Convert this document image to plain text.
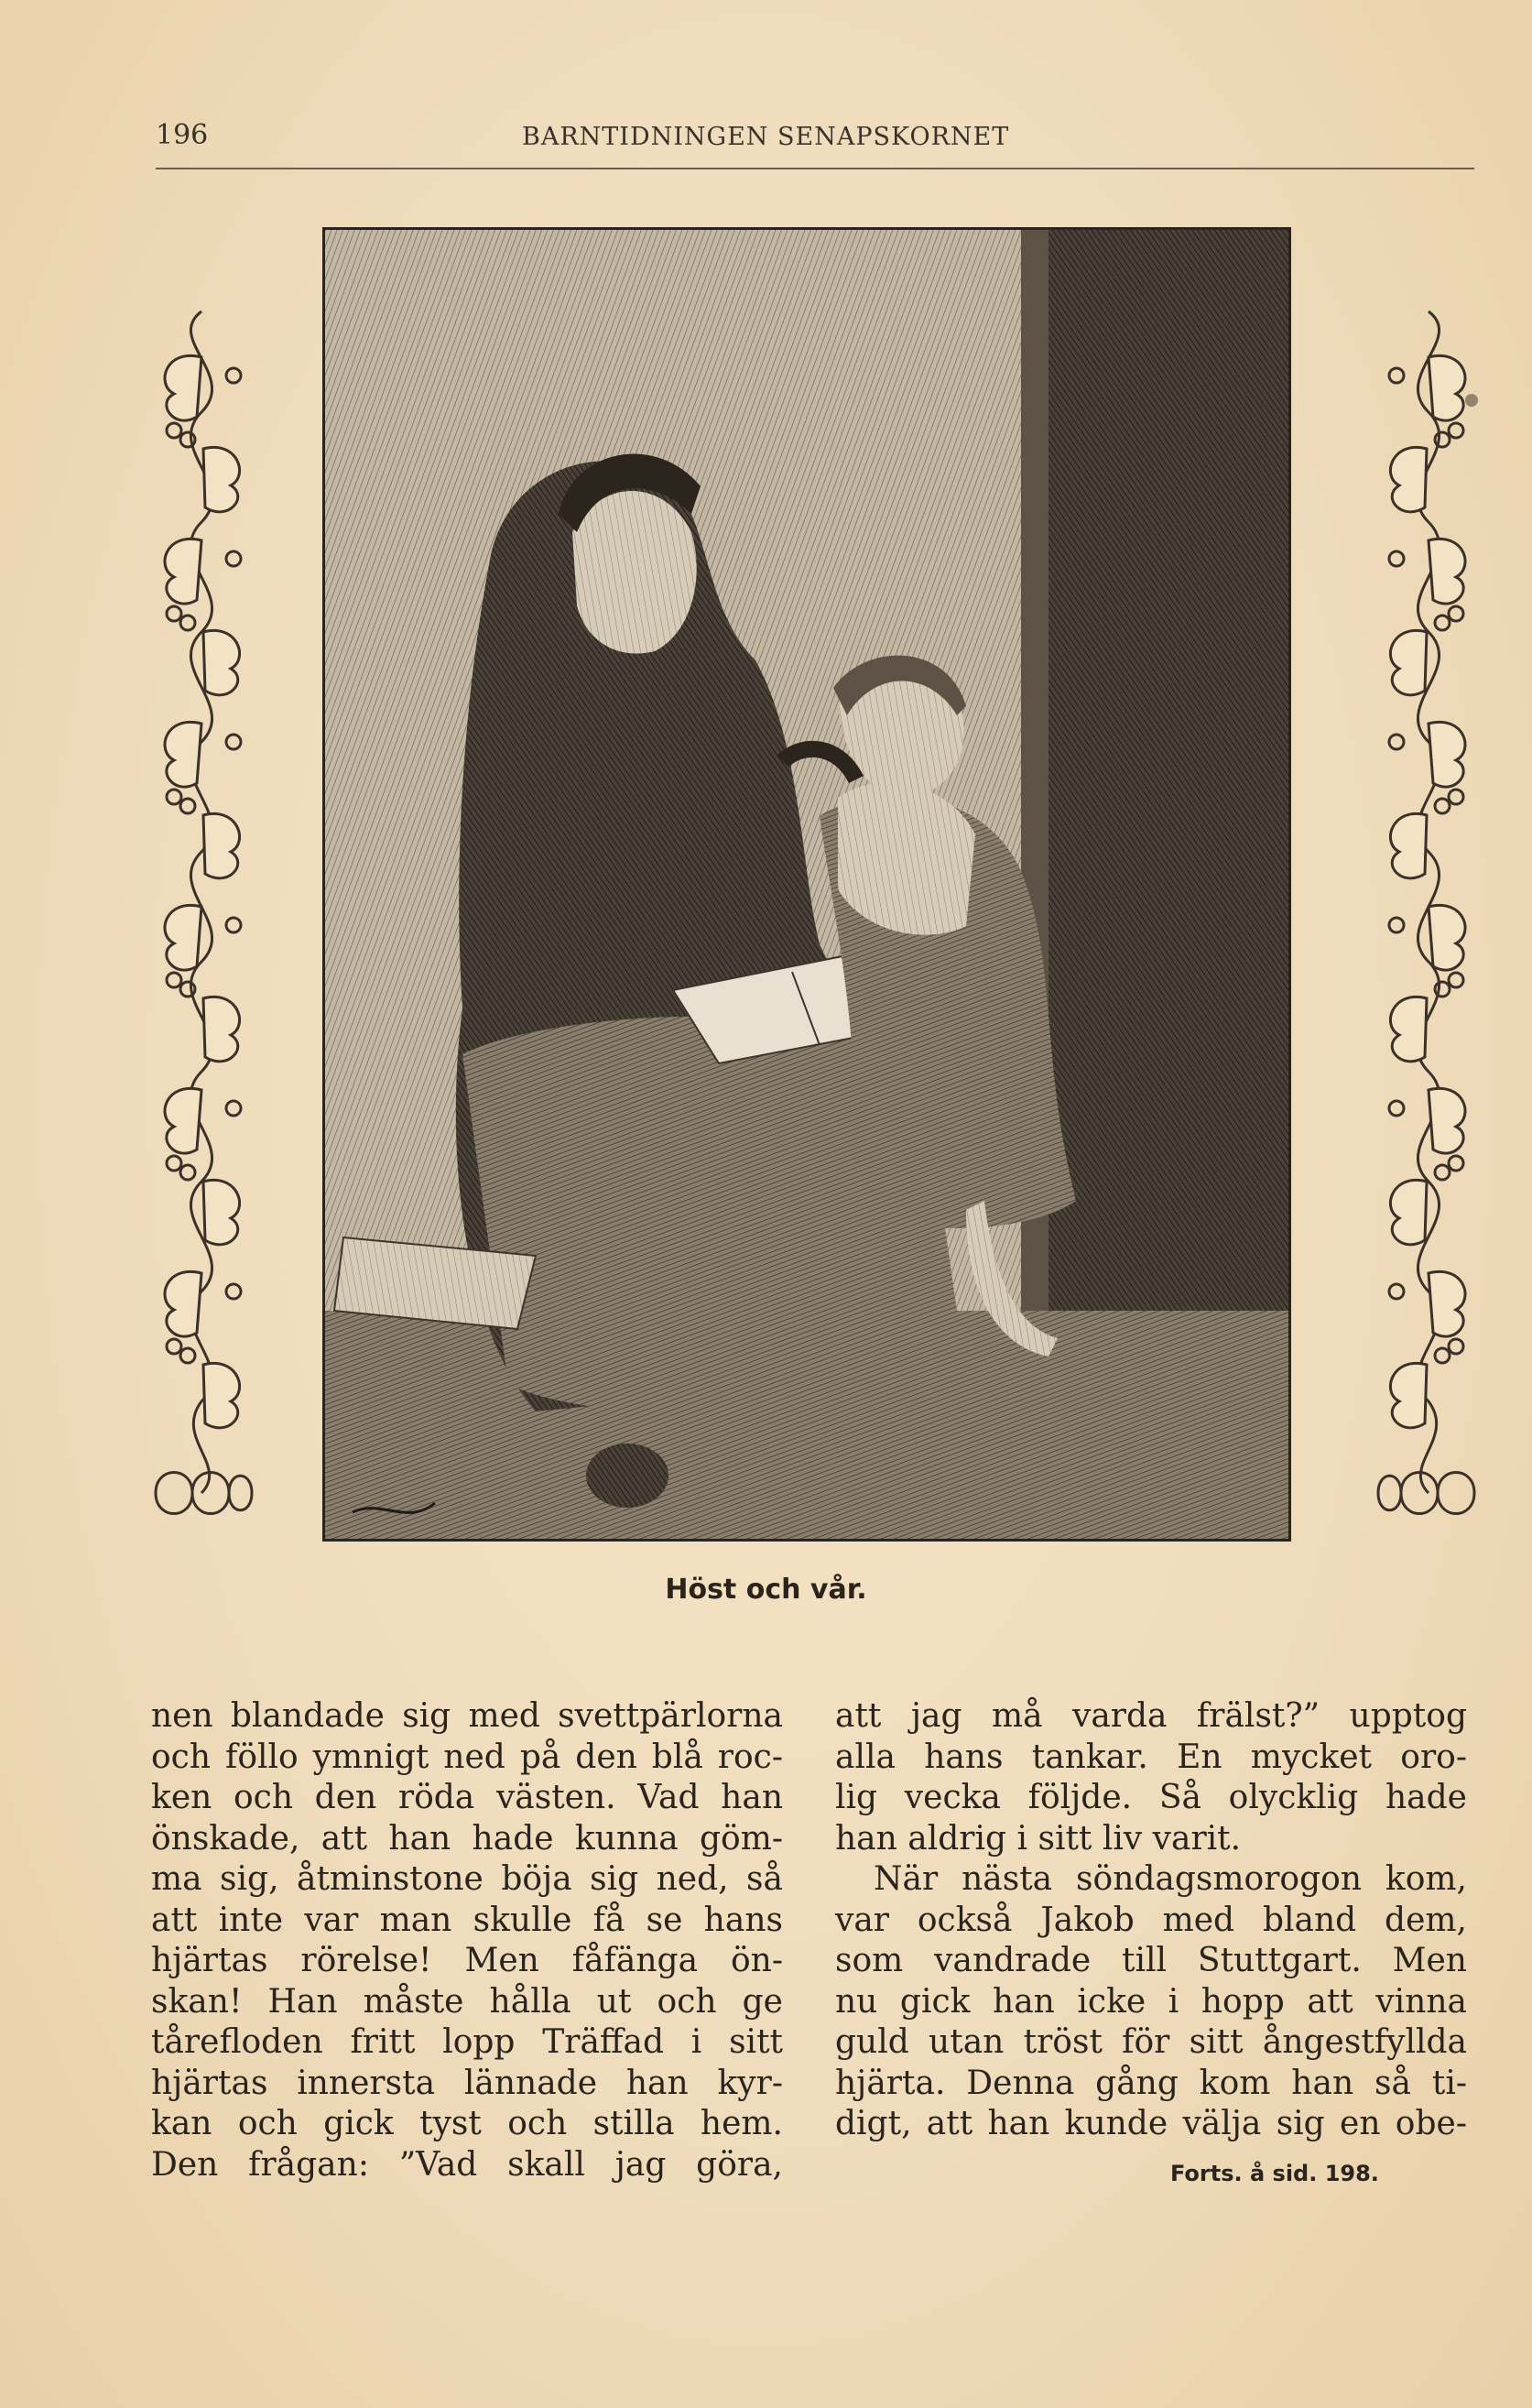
196	BARNTIDNINGEN SENAPSKORNET
Höst och vår.
nen blandade sig med svettpärlorna
och föllo ymnigt ned på den blå roc-
ken och den röda västen. Vad han
önskade, att han hade kunna göm-
ma sig, åtminstone böja sig ned, så
att inte var man skulle få se hans
hjärtas rörelse! Men fåfänga ön-
skan! Han måste hålla ut och ge
tårefloden fritt lopp Träffad i sitt
hjärtas innersta lännade han kyr-
kan och gick tyst och stilla hem.
Den frågan: ”Vad skall jag göra,
att jag må varda frälst?” upptog
alla hans tankar. En mycket oro-
lig vecka följde. Så olycklig hade
han aldrig i sitt liv varit.
När nästa söndagsmorogon kom,
var också Jakob med bland dem,
som vandrade till Stuttgart. Men
nu gick han icke i hopp att vinna
guld utan tröst för sitt ångestfyllda
hjärta. Denna gång kom han så ti-
digt, att han kunde välja sig en obe-
Forts. å sid. 198.
